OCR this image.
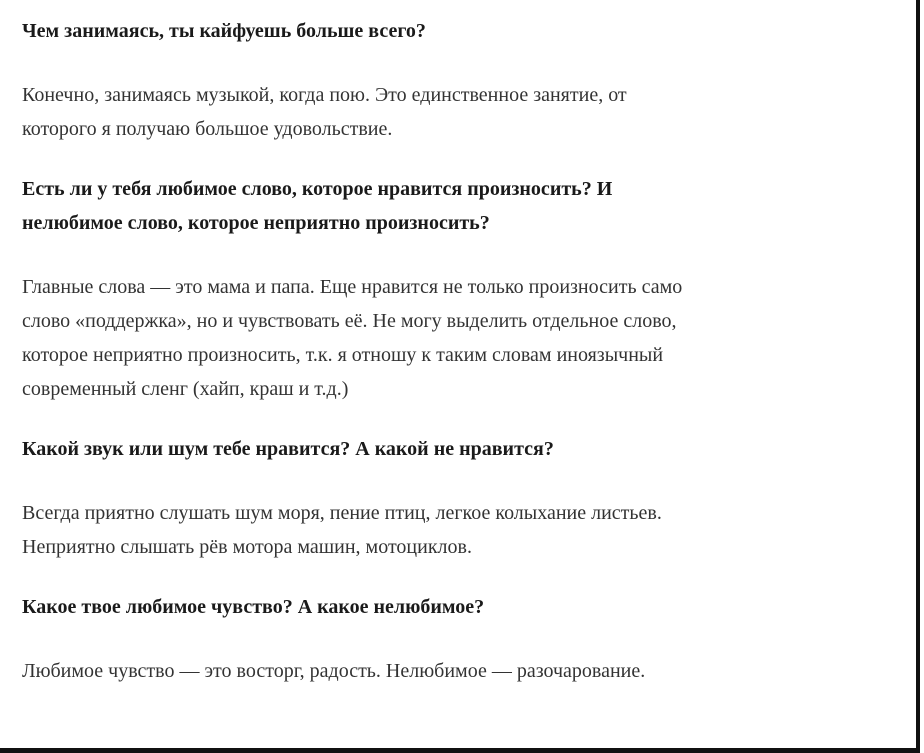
Чем занимаясь, ты кайфуешь больше всего?

Конечно, занимаясь музыкой, когда пою. Это единственное занятие, от
которого я получаю большое удовольствие.

Есть ли у тебя любимое слово, которое нравится произносить? И
нелюбимое слово, которое неприятно произносить?

Главные слова — это мама и папа. Еще нравится не только произносить само
слово «поддержка», но и чувствовать её. Не могу выделить отдельное слово,
которое неприятно произносить, т.к. я отношу к таким словам иноязычный
современный сленг (хайп, краш и т.д.)

Какой звук или шум тебе нравится? А какой не нравится?

Всегда приятно слушать шум моря, пение птиц, легкое колыхание листьев.
Неприятно слышать рёв мотора машин, мотоциклов.

Какое твое любимое чувство? А какое нелюбимое?

Любимое чувство — это восторг, радость. Нелюбимое — разочарование.
